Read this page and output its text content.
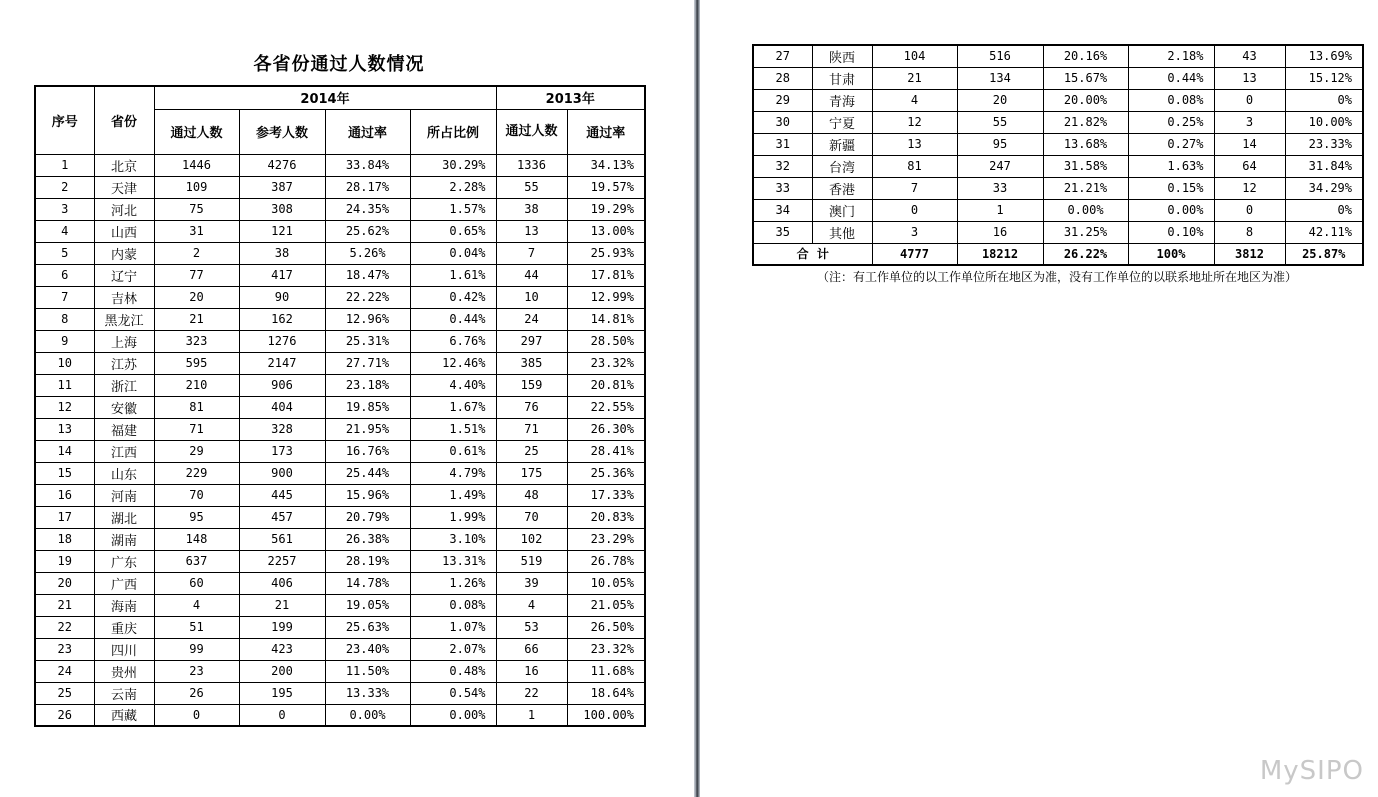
各省份通过人数情况
序号	省份	2014年				2013年	
		通过人数	参考人数	通过率	所占比例	通过人数	通过率
1	北京	1446	4276	33.84%	30.29%	1336	34.13%
2	天津	109	387	28.17%	2.28%	55	19.57%
3	河北	75	308	24.35%	1.57%	38	19.29%
4	山西	31	121	25.62%	0.65%	13	13.00%
5	内蒙	2	38	5.26%	0.04%	7	25.93%
6	辽宁	77	417	18.47%	1.61%	44	17.81%
7	吉林	20	90	22.22%	0.42%	10	12.99%
8	黑龙江	21	162	12.96%	0.44%	24	14.81%
9	上海	323	1276	25.31%	6.76%	297	28.50%
10	江苏	595	2147	27.71%	12.46%	385	23.32%
11	浙江	210	906	23.18%	4.40%	159	20.81%
12	安徽	81	404	19.85%	1.67%	76	22.55%
13	福建	71	328	21.95%	1.51%	71	26.30%
14	江西	29	173	16.76%	0.61%	25	28.41%
15	山东	229	900	25.44%	4.79%	175	25.36%
16	河南	70	445	15.96%	1.49%	48	17.33%
17	湖北	95	457	20.79%	1.99%	70	20.83%
18	湖南	148	561	26.38%	3.10%	102	23.29%
19	广东	637	2257	28.19%	13.31%	519	26.78%
20	广西	60	406	14.78%	1.26%	39	10.05%
21	海南	4	21	19.05%	0.08%	4	21.05%
22	重庆	51	199	25.63%	1.07%	53	26.50%
23	四川	99	423	23.40%	2.07%	66	23.32%
24	贵州	23	200	11.50%	0.48%	16	11.68%
25	云南	26	195	13.33%	0.54%	22	18.64%
26	西藏	0	0	0.00%	0.00%	1	100.00%
27	陕西	104	516	20.16%	2.18%	43	13.69%
28	甘肃	21	134	15.67%	0.44%	13	15.12%
29	青海	4	20	20.00%	0.08%	0	0%
30	宁夏	12	55	21.82%	0.25%	3	10.00%
31	新疆	13	95	13.68%	0.27%	14	23.33%
32	台湾	81	247	31.58%	1.63%	64	31.84%
33	香港	7	33	21.21%	0.15%	12	34.29%
34	澳门	0	1	0.00%	0.00%	0	0%
35	其他	3	16	31.25%	0.10%	8	42.11%
合  计		4777	18212	26.22%	100%	3812	25.87%
（注：有工作单位的以工作单位所在地区为准，没有工作单位的以联系地址所在地区为准）
MySIPO
